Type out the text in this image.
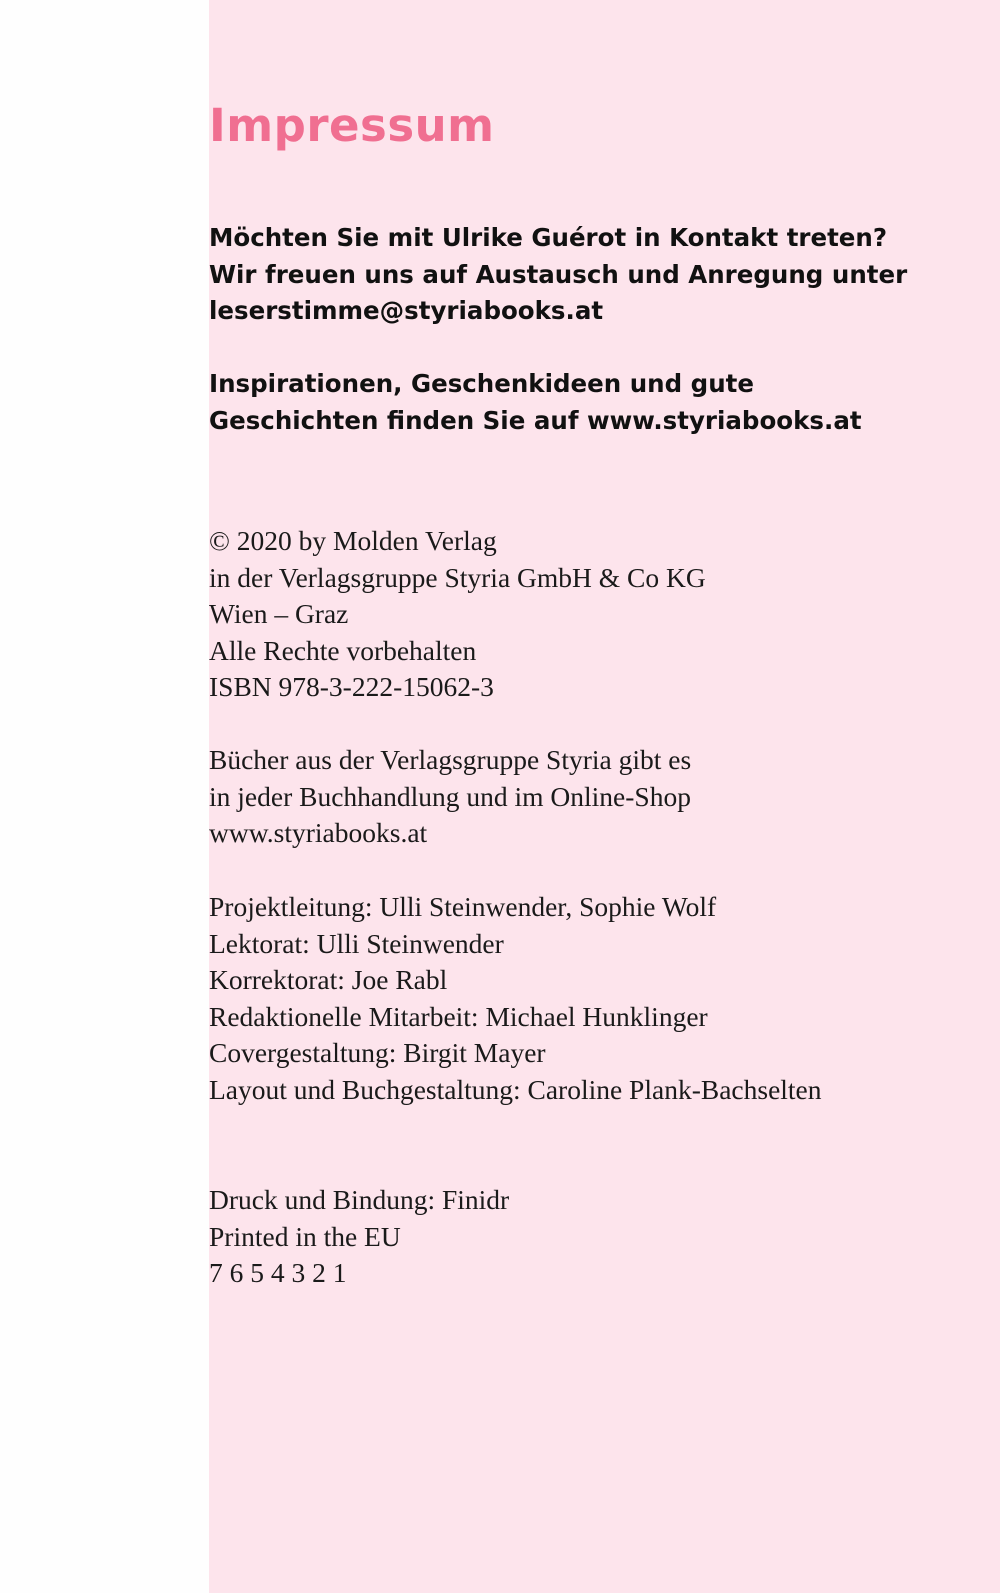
Impressum
Möchten Sie mit Ulrike Guérot in Kontakt treten?
Wir freuen uns auf Austausch und Anregung unter
leserstimme@styriabooks.at
Inspirationen, Geschenkideen und gute
Geschichten finden Sie auf www.styriabooks.at
© 2020 by Molden Verlag
in der Verlagsgruppe Styria GmbH & Co KG
Wien – Graz
Alle Rechte vorbehalten
ISBN 978-3-222-15062-3
Bücher aus der Verlagsgruppe Styria gibt es
in jeder Buchhandlung und im Online-Shop
www.styriabooks.at
Projektleitung: Ulli Steinwender, Sophie Wolf
Lektorat: Ulli Steinwender
Korrektorat: Joe Rabl
Redaktionelle Mitarbeit: Michael Hunklinger
Covergestaltung: Birgit Mayer
Layout und Buchgestaltung: Caroline Plank-Bachselten
Druck und Bindung: Finidr
Printed in the EU
7 6 5 4 3 2 1
